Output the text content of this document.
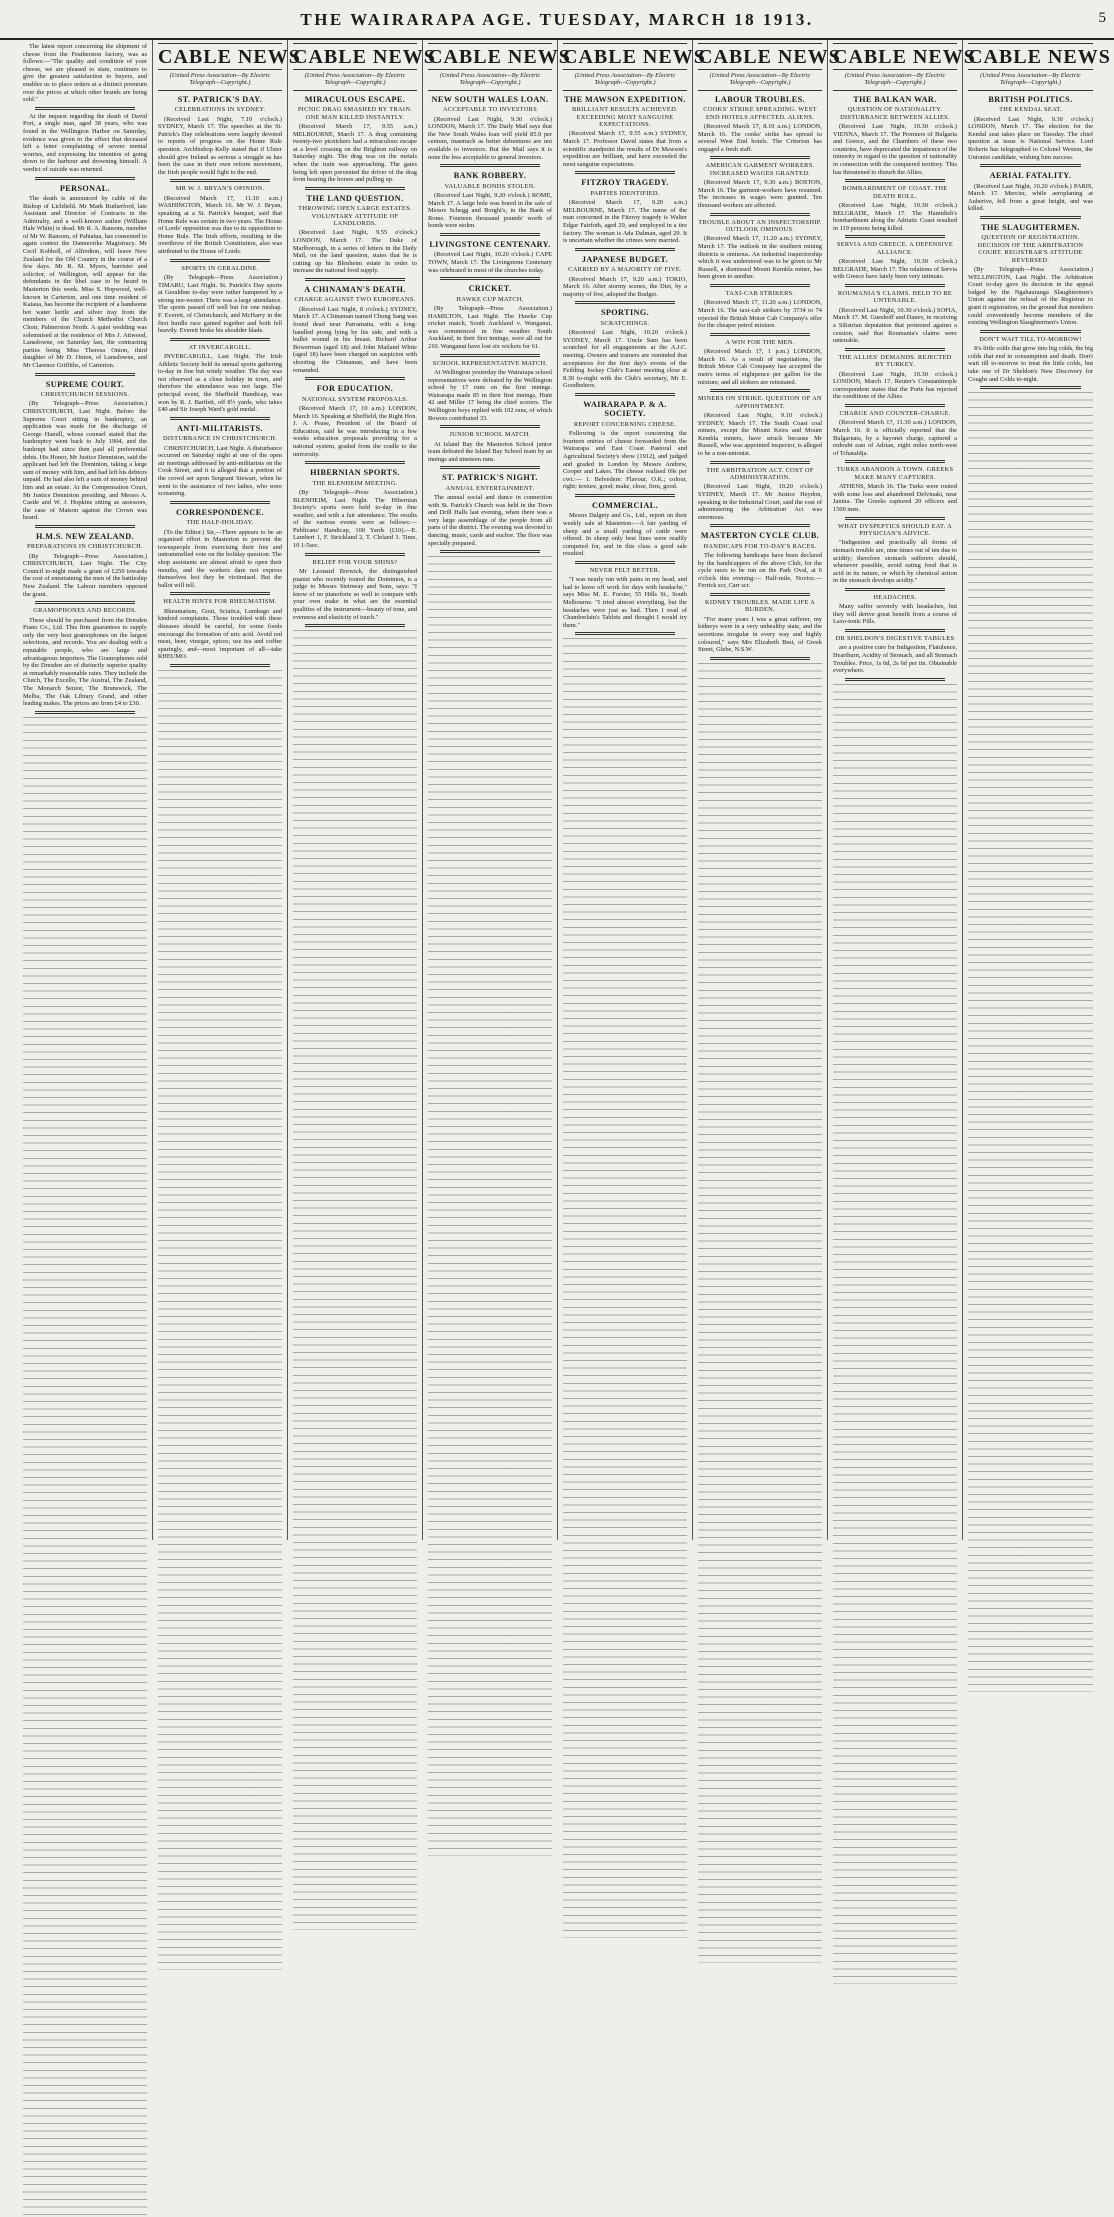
THE WAIRARAPA AGE. TUESDAY, MARCH 18 1913.	5

The latest report concerning the shipment of cheese from the Featherston factory, was as follows:—"The quality and condition of your cheese, we are pleased to state, continues to give the greatest satisfaction to buyers, and enables us to place orders at a distinct premium over the prices at which other brands are being sold."

At the inquest regarding the death of David Port, a single man, aged 38 years, who was found in the Wellington Harbor on Saturday, evidence was given to the effect that deceased left a letter complaining of severe mental worries, and expressing his intention of going down to the harbour and drowning himself. A verdict of suicide was returned.

PERSONAL.

The death is announced by cable of the Bishop of Lichfield. Mr Mark Rutherford, late Assistant and Director of Contracts in the Admiralty, and a well-known author (William Hale White) is dead. Mr R. A. Ransom, member of Mr W. Ransom, of Pahiatua, has consented to again contest the Dannevirke Magistracy. Mr Cecil Kobbell, of Alfredton, will leave New Zealand for the Old Country in the course of a few days. Mr R. M. Myers, barrister and solicitor, of Wellington, will appear for the defendants in the libel case to be heard in Masterton this week. Miss S. Hopwood, well-known in Carterton, and one time resident of Kaiaua, has become the recipient of a handsome hot water kettle and silver tray from the members of the Church Methodist Church Choir, Palmerston North. A quiet wedding was solemnised at the residence of Mrs J. Attwood, Lansdowne, on Saturday last, the contracting parties being Miss Theresa Onion, third daughter of Mr D. Onion, of Lansdowne, and Mr Clarence Griffiths, of Carterton.

SUPREME COURT.
CHRISTCHURCH SESSIONS.

(By Telegraph—Press Association.) CHRISTCHURCH, Last Night. Before the Supreme Court sitting in bankruptcy, an application was made for the discharge of George Hamill, whose counsel stated that the bankruptcy went back to July 1904, and the bankrupt had since then paid all preferential debts. His Honor, Mr Justice Denniston, said the applicant had left the Dominion, taking a large sum of money with him, and had left his debtors unpaid. He had also left a sum of money behind him and an estate. At the Compensation Court, Mr Justice Denniston presiding, and Messrs A. Castle and W. J. Hopkins sitting as assessors, the case of Matson against the Crown was heard.

H.M.S. NEW ZEALAND.
PREPARATIONS IN CHRISTCHURCH.

(By Telegraph—Press Association.) CHRISTCHURCH, Last Night. The City Council to-night made a grant of £250 towards the cost of entertaining the men of the battleship New Zealand. The Labour members opposed the grant.

GRAMOPHONES AND RECORDS.

These should be purchased from the Dresden Piano Co., Ltd. This firm guarantees to supply only the very best gramophones on the largest selections, and records. You are dealing with a reputable people, who are large and advantageous importers. The Gramophones sold by the Dresden are of distinctly superior quality at remarkably reasonable rates. They include the Clutch, The Excello, The Austral, The Zealand, The Monarch Senior, The Brunswick, The Melba, The Oak Library Grand, and other leading makes. The prices are from £4 to £30.

CABLE NEWS
(United Press Association—By Electric Telegraph—Copyright.)
ST. PATRICK'S DAY.
CELEBRATIONS IN SYDNEY.

(Received Last Night, 7.10 o'clock.) SYDNEY, March 17. The speeches at the St. Patrick's Day celebrations were largely devoted to reports of progress on the Home Rule question. Archbishop Kelly stated that if Ulster should give Ireland as serious a struggle as has been the case in their own reform movement, the Irish people would fight to the end.

MR W. J. BRYAN'S OPINION.

(Received March 17, 11.10 a.m.) WASHINGTON, March 16. Mr W. J. Bryan, speaking at a St. Patrick's banquet, said that Home Rule was certain in two years. The House of Lords' opposition was due to its opposition to Home Rule. The Irish efforts, resulting in the overthrow of the British Constitution, also was attributed to the House of Lords.

SPORTS IN GERALDINE.

(By Telegraph—Press Association.) TIMARU, Last Night. St. Patrick's Day sports at Geraldine to-day were rather hampered by a strong nor-wester. There was a large attendance. The sports passed off well but for one mishap. F. Everett, of Christchurch, and McHarry in the first hurdle race gained together and both fell heavily. Everett broke his shoulder blade.

AT INVERCARGILL.

INVERCARGILL, Last Night. The Irish Athletic Society held its annual sports gathering to-day in fine but windy weather. The day was not observed as a close holiday in town, and therefore the attendance was not large. The principal event, the Sheffield Handicap, was won by R. J. Bartlett, off 8½ yards, who takes £40 and Sir Joseph Ward's gold medal.

ANTI-MILITARISTS.
DISTURBANCE IN CHRISTCHURCH.

CHRISTCHURCH, Last Night. A disturbance occurred on Saturday night at one of the open air meetings addressed by anti-militarists on the Cook Street, and it is alleged that a portion of the crowd set upon Sergeant Stewart, when he went to the assistance of two ladies, who were screaming.

CORRESPONDENCE.
THE HALF-HOLIDAY.

(To the Editor.) Sir,—There appears to be an organised effort in Masterton to prevent the townspeople from exercising their free and untrammelled vote on the holiday question. The shop assistants are almost afraid to open their mouths, and the workers dare not express themselves lest they be victimised. But the ballot will tell.

HEALTH HINTS FOR RHEUMATISM.

Rheumatism, Gout, Sciatica, Lumbago and kindred complaints. Those troubled with these diseases should be careful, for some foods encourage the formation of uric acid. Avoid red meat, beer, vinegar, spices; use tea and coffee sparingly, and—most important of all—take RHEUMO.

CABLE NEWS
(United Press Association—By Electric Telegraph—Copyright.)
MIRACULOUS ESCAPE.
PICNIC DRAG SMASHED BY TRAIN. ONE MAN KILLED INSTANTLY.

(Received March 17, 9.55 a.m.) MELBOURNE, March 17. A drag containing twenty-two picnickers had a miraculous escape at a level crossing on the Brighton railway on Saturday night. The drag was on the metals when the train was approaching. The gates being left open prevented the driver of the drag from hearing the horses and pulling up.

THE LAND QUESTION.
THROWING OPEN LARGE ESTATES. VOLUNTARY ATTITUDE OF LANDLORDS.

(Received Last Night, 9.55 o'clock.) LONDON, March 17. The Duke of Marlborough, in a series of letters in the Daily Mail, on the land question, states that he is cutting up his Blenheim estate in order to increase the national food supply.

A CHINAMAN'S DEATH.
CHARGE AGAINST TWO EUROPEANS.

(Received Last Night, 8 o'clock.) SYDNEY, March 17. A Chinaman named Chong Sang was found dead near Parramatta, with a long-handled prong lying by his side, and with a bullet wound in his breast. Richard Arthur Bowerman (aged 18) and John Matland White (aged 18) have been charged on suspicion with shooting the Chinaman, and have been remanded.

FOR EDUCATION.
NATIONAL SYSTEM PROPOSALS.

(Received March 17, 10 a.m.) LONDON, March 16. Speaking at Sheffield, the Right Hon. J. A. Pease, President of the Board of Education, said he was introducing in a few weeks education proposals providing for a national system, graded from the cradle to the university.

HIBERNIAN SPORTS.
THE BLENHEIM MEETING.

(By Telegraph—Press Association.) BLENHEIM, Last Night. The Hibernian Society's sports were held to-day in fine weather, and with a fair attendance. The results of the various events were as follows:— Publicans' Handicap, 100 Yards (£10).—E. Lambert 1, F. Strickland 2, T. Cleland 3. Time, 10 1-5sec.

RELIEF FOR YOUR SHINS?

Mr Leonard Borwick, the distinguished pianist who recently toured the Dominion, is a judge to Messrs Steinway and Sons, says: "I know of no pianoforte so well to compare with your own make in what are the essential qualities of the instrument—beauty of tone, and evenness and elasticity of touch."

CABLE NEWS
(United Press Association—By Electric Telegraph—Copyright.)
NEW SOUTH WALES LOAN.
ACCEPTABLE TO INVESTORS

(Received Last Night, 9.30 o'clock.) LONDON, March 17. The Daily Mail says that the New South Wales loan will yield 85.9 per centum, inasmuch as better debentures are not available to investors. But the Mail says it is none the less acceptable to general investors.

BANK ROBBERY.
VALUABLE BONDS STOLEN.

(Received Last Night, 9.20 o'clock.) ROME, March 17. A large hole was bored in the safe of Messrs Schegg and Borghi's, in the Bank of Rome. Fourteen thousand pounds' worth of bonds were stolen.

LIVINGSTONE CENTENARY.

(Received Last Night, 10.20 o'clock.) CAPE TOWN, March 17. The Livingstone Centenary was celebrated in most of the churches today.

CRICKET.
HAWKE CUP MATCH.

(By Telegraph—Press Association.) HAMILTON, Last Night. The Hawke Cup cricket match, South Auckland v. Wanganui, was commenced in fine weather. South Auckland, in their first innings, were all out for 210. Wanganui have lost six wickets for 61.

SCHOOL REPRESENTATIVE MATCH.

At Wellington yesterday the Wairarapa school representatives were defeated by the Wellington school by 17 runs on the first innings. Wairarapa made 85 in their first innings, Hunt 42 and Miller 17 being the chief scorers. The Wellington boys replied with 102 runs, of which Bowers contributed 33.

JUNIOR SCHOOL MATCH.

At Island Bay the Masterton School junior team defeated the Island Bay School team by an innings and nineteen runs.

ST. PATRICK'S NIGHT.
ANNUAL ENTERTAINMENT.

The annual social and dance in connection with St. Patrick's Church was held in the Town and Drill Halls last evening, when there was a very large assemblage of the people from all parts of the district. The evening was devoted to dancing, music, cards and euchre. The floor was specially prepared.

CABLE NEWS
(United Press Association—By Electric Telegraph—Copyright.)
THE MAWSON EXPEDITION.
BRILLIANT RESULTS ACHIEVED. EXCEEDING MOST SANGUINE EXPECTATIONS.

(Received March 17, 9.55 a.m.) SYDNEY, March 17. Professor David states that from a scientific standpoint the results of Dr Mawson's expedition are brilliant, and have exceeded the most sanguine expectations.

FITZROY TRAGEDY.
PARTIES IDENTIFIED.

(Received March 17, 9.20 a.m.) MELBOURNE, March 17. The name of the man concerned in the Fitzroy tragedy is Walter Edgar Fairfoth, aged 29, and employed in a tire factory. The woman is Ada Dalman, aged 29. It is uncertain whether the crimes were married.

JAPANESE BUDGET.
CARRIED BY A MAJORITY OF FIVE.

(Received March 17, 9.20 a.m.) TOKIO, March 16. After stormy scenes, the Diet, by a majority of five, adopted the Budget.

SPORTING.
SCRATCHINGS.

(Received Last Night, 10.20 o'clock.) SYDNEY, March 17. Uncle Sam has been scratched for all engagements at the A.J.C. meeting. Owners and trainers are reminded that acceptances for the first day's events of the Feilding Jockey Club's Easter meeting close at 8.30 to-night with the Club's secretary, Mr E. Goodbehere.

WAIRARAPA P. & A. SOCIETY.
REPORT CONCERNING CHEESE.

Following is the report concerning the fourteen entries of cheese forwarded from the Wairarapa and East Coast Pastoral and Agricultural Society's show (1912), and judged and graded in London by Messrs Andrew, Cooper and Lakes. The cheese realised 69s per cwt.:— 1. Belvedere: Flavour, O.K.; colour, right; texture, good; make, close, firm, good.

COMMERCIAL.

Messrs Dalgety and Co., Ltd., report on their weekly sale at Masterton:—A fair yarding of sheep and a small yarding of cattle were offered. In sheep only best lines were readily competed for, and in this class a good sale resulted.

NEVER FELT BETTER.

"I was nearly run with pains in my head, and had to leave off work for days with headache," says Miss M. E. Forster, 55 Hills St., South Melbourne. "I tried almost everything, but the headaches were just as bad. Then I read of Chamberlain's Tablets and thought I would try them."

CABLE NEWS
(United Press Association—By Electric Telegraph—Copyright.)
LABOUR TROUBLES.
COOKS' STRIKE SPREADING. WEST END HOTELS AFFECTED. ALIENS.

(Received March 17, 8.10 a.m.) LONDON, March 16. The cooks' strike has spread to several West End hotels. The Criterion has engaged a fresh staff.

AMERICAN GARMENT WORKERS. INCREASED WAGES GRANTED.

(Received March 17, 9.30 a.m.) BOSTON, March 16. The garment-workers have resumed. The increases in wages were granted. Ten thousand workers are affected.

TROUBLE ABOUT AN INSPECTORSHIP. OUTLOOK OMINOUS.

(Received March 17, 11.20 a.m.) SYDNEY, March 17. The outlook in the southern mining districts is ominous. An industrial inspectorship which it was understood was to be given to Mr Russell, a dismissed Mount Kembla miner, has been given to another.

TAXI-CAB STRIKERS.

(Received March 17, 11.20 a.m.) LONDON, March 16. The taxi-cab strikers by 3734 to 74 rejected the British Motor Cab Company's offer for the cheaper petrol mixture.

A WIN FOR THE MEN.

(Received March 17, 1 p.m.) LONDON, March 16. As a result of negotiations, the British Motor Cab Company has accepted the men's terms of eightpence per gallon for the mixture, and all strikers are reinstated.

MINERS ON STRIKE. QUESTION OF AN APPOINTMENT.

(Received Last Night, 9.10 o'clock.) SYDNEY, March 17. The South Coast coal miners, except the Mount Keira and Mount Kembla miners, have struck because Mr Russell, who was appointed inspector, is alleged to be a non-unionist.

THE ARBITRATION ACT. COST OF ADMINISTRATION.

(Received Last Night, 10.20 o'clock.) SYDNEY, March 17. Mr Justice Heydon, speaking in the Industrial Court, said the cost of administering the Arbitration Act was enormous.

MASTERTON CYCLE CLUB.
HANDICAPS FOR TO-DAY'S RACES.

The following handicaps have been declared by the handicappers of the above Club, for the cycle races to be run on the Park Oval, at 6 o'clock this evening:— Half-mile, Novice.—Ferrick scr, Carr scr.

KIDNEY TROUBLES. MADE LIFE A BURDEN.

"For many years I was a great sufferer, my kidneys were in a very unhealthy state, and the secretions irregular in every way and highly coloured," says Mrs Elizabeth Best, of Greek Street, Glebe, N.S.W.

CABLE NEWS
(United Press Association—By Electric Telegraph—Copyright.)
THE BALKAN WAR.
QUESTION OF NATIONALITY. DISTURBANCE BETWEEN ALLIES.

(Received Last Night, 10.30 o'clock.) VIENNA, March 17. The Premiers of Bulgaria and Greece, and the Chambers of these two countries, have deprecated the impatience of the minority in regard to the question of nationality in connection with the conquered territory. This has threatened to disturb the Allies.

BOMBARDMENT OF COAST. THE DEATH ROLL.

(Received Last Night, 10.30 o'clock.) BELGRADE, March 17. The Hamidieh's bombardment along the Adriatic Coast resulted in 119 persons being killed.

SERVIA AND GREECE. A DEFENSIVE ALLIANCE.

(Received Last Night, 10.30 o'clock.) BELGRADE, March 17. The relations of Servia with Greece have lately been very intimate.

ROUMANIA'S CLAIMS. HELD TO BE UNTENABLE.

(Received Last Night, 10.30 o'clock.) SOFIA, March 17. M. Gueshoff and Danev, in receiving a Silistrian deputation that protested against a cession, said that Roumania's claims were untenable.

THE ALLIES' DEMANDS. REJECTED BY TURKEY.

(Received Last Night, 10.30 o'clock.) LONDON, March 17. Reuter's Constantinople correspondent states that the Porte has rejected the conditions of the Allies.

CHARGE AND COUNTER-CHARGE.

(Received March 17, 11.30 a.m.) LONDON, March 16. It is officially reported that the Bulgarians, by a bayonet charge, captured a redoubt east of Adrian, eight miles north-west of Tchataldja.

TURKS ABANDON A TOWN. GREEKS MAKE MANY CAPTURES.

ATHENS, March 16. The Turks were routed with some loss and abandoned Delvinaki, near Janina. The Greeks captured 20 officers and 1500 men.

WHAT DYSPEPTICS SHOULD EAT. A PHYSICIAN'S ADVICE.

"Indigestion and practically all forms of stomach trouble are, nine times out of ten due to acidity; therefore stomach sufferers should, whenever possible, avoid eating food that is acid in its nature, or which by chemical action in the stomach develops acidity."

HEADACHES.

Many suffer severely with headaches, but they will derive great benefit from a course of Laxo-tonic Pills.

DR SHELDON'S DIGESTIVE TABULES

are a positive cure for Indigestion, Flatulence, Heartburn, Acidity of Stomach, and all Stomach Troubles. Price, 1s 6d, 2s 6d per tin. Obtainable everywhere.

CABLE NEWS
(United Press Association—By Electric Telegraph—Copyright.)
BRITISH POLITICS.
THE KENDAL SEAT.

(Received Last Night, 9.30 o'clock.) LONDON, March 17. The election for the Kendal seat takes place on Tuesday. The chief question at issue is National Service. Lord Roberts has telegraphed to Colonel Weston, the Unionist candidate, wishing him success.

AERIAL FATALITY.

(Received Last Night, 10.20 o'clock.) PARIS, March 17. Mercier, while aeroplaning at Auberive, fell from a great height, and was killed.

THE SLAUGHTERMEN.
QUESTION OF REGISTRATION. DECISION OF THE ARBITRATION COURT. REGISTRAR'S ATTITUDE REVERSED.

(By Telegraph—Press Association.) WELLINGTON, Last Night. The Arbitration Court to-day gave its decision in the appeal lodged by the Ngahauranga Slaughtermen's Union against the refusal of the Registrar to grant it registration, on the ground that members could conveniently become members of the existing Wellington Slaughtermen's Union.

DON'T WAIT TILL TO-MORROW!

It's little colds that grow into big colds, the big colds that end in consumption and death. Don't wait till to-morrow to treat the little colds, but take one of Dr Sheldon's New Discovery for Coughs and Colds to-night.
